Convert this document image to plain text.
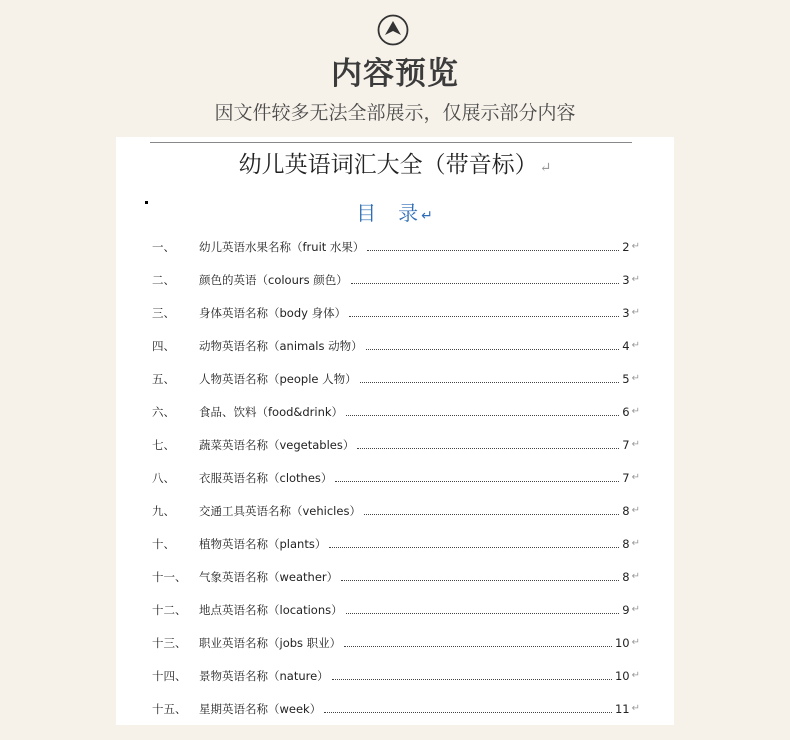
内容预览
因文件较多无法全部展示，仅展示部分内容
幼儿英语词汇大全（带音标） ↵
目　录 ↵
一、	幼儿英语水果名称（fruit 水果）	2 ↵
二、	颜色的英语（colours 颜色）	3 ↵
三、	身体英语名称（body 身体）	3 ↵
四、	动物英语名称（animals 动物）	4 ↵
五、	人物英语名称（people 人物）	5 ↵
六、	食品、饮料（food&drink）	6 ↵
七、	蔬菜英语名称（vegetables）	7 ↵
八、	衣服英语名称（clothes）	7 ↵
九、	交通工具英语名称（vehicles）	8 ↵
十、	植物英语名称（plants）	8 ↵
十一、	气象英语名称（weather）	8 ↵
十二、	地点英语名称（locations）	9 ↵
十三、	职业英语名称（jobs 职业）	10 ↵
十四、	景物英语名称（nature）	10 ↵
十五、	星期英语名称（week）	11 ↵
